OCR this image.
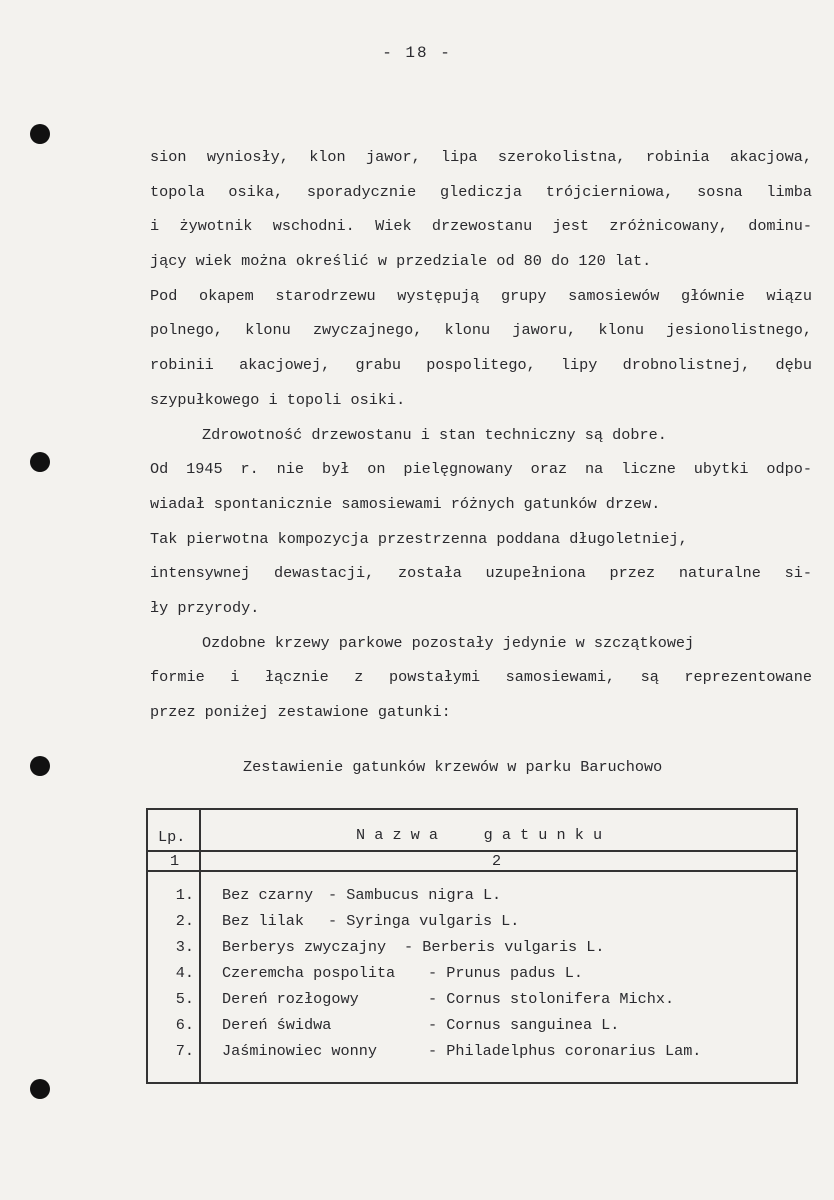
- 18 -
sion wyniosły, klon jawor, lipa szerokolistna, robinia akacjowa,
topola osika, sporadycznie gledicz​ja trójcierniowa, sosna limba
i żywotnik wschodni. Wiek drzewostanu jest zróżnicowany, dominu-
jący wiek można określić w przedziale od 80 do 120 lat.
Pod okapem starodrzewu występują grupy samosiewów głównie wiązu
polnego, klonu zwyczajnego, klonu jaworu, klonu jesionolistnego,
robinii akacjowej, grabu pospolitego, lipy drobnolistnej, dębu
szypułkowego i topoli osiki.
Zdrowotność drzewostanu i stan techniczny są dobre.
Od 1945 r. nie był on pielęgnowany oraz na liczne ubytki odpo-
wiadał spontanicznie samosiewami różnych gatunków drzew.
Tak pierwotna kompozycja przestrzenna poddana długoletniej,
intensywnej dewastacji, została uzupełniona przez naturalne si-
ły przyrody.
Ozdobne krzewy parkowe pozostały jedynie w szczątkowej
formie i łącznie z powstałymi samosiewami, są reprezentowane
przez poniżej zestawione gatunki:
Zestawienie gatunków krzewów w parku Baruchowo
Lp.	N a z w a     g a t u n k u
1	2
1. Bez czarny - Sambucus nigra L.
2. Bez lilak - Syringa vulgaris L.
3. Berberys zwyczajny - Berberis vulgaris L.
4. Czeremcha pospolita - Prunus padus L.
5. Dereń rozłogowy	- Cornus stolonifera Michx.
6. Dereń świdwa	- Cornus sanguinea L.
7. Jaśminowiec wonny	- Philadelphus coronarius Lam.
